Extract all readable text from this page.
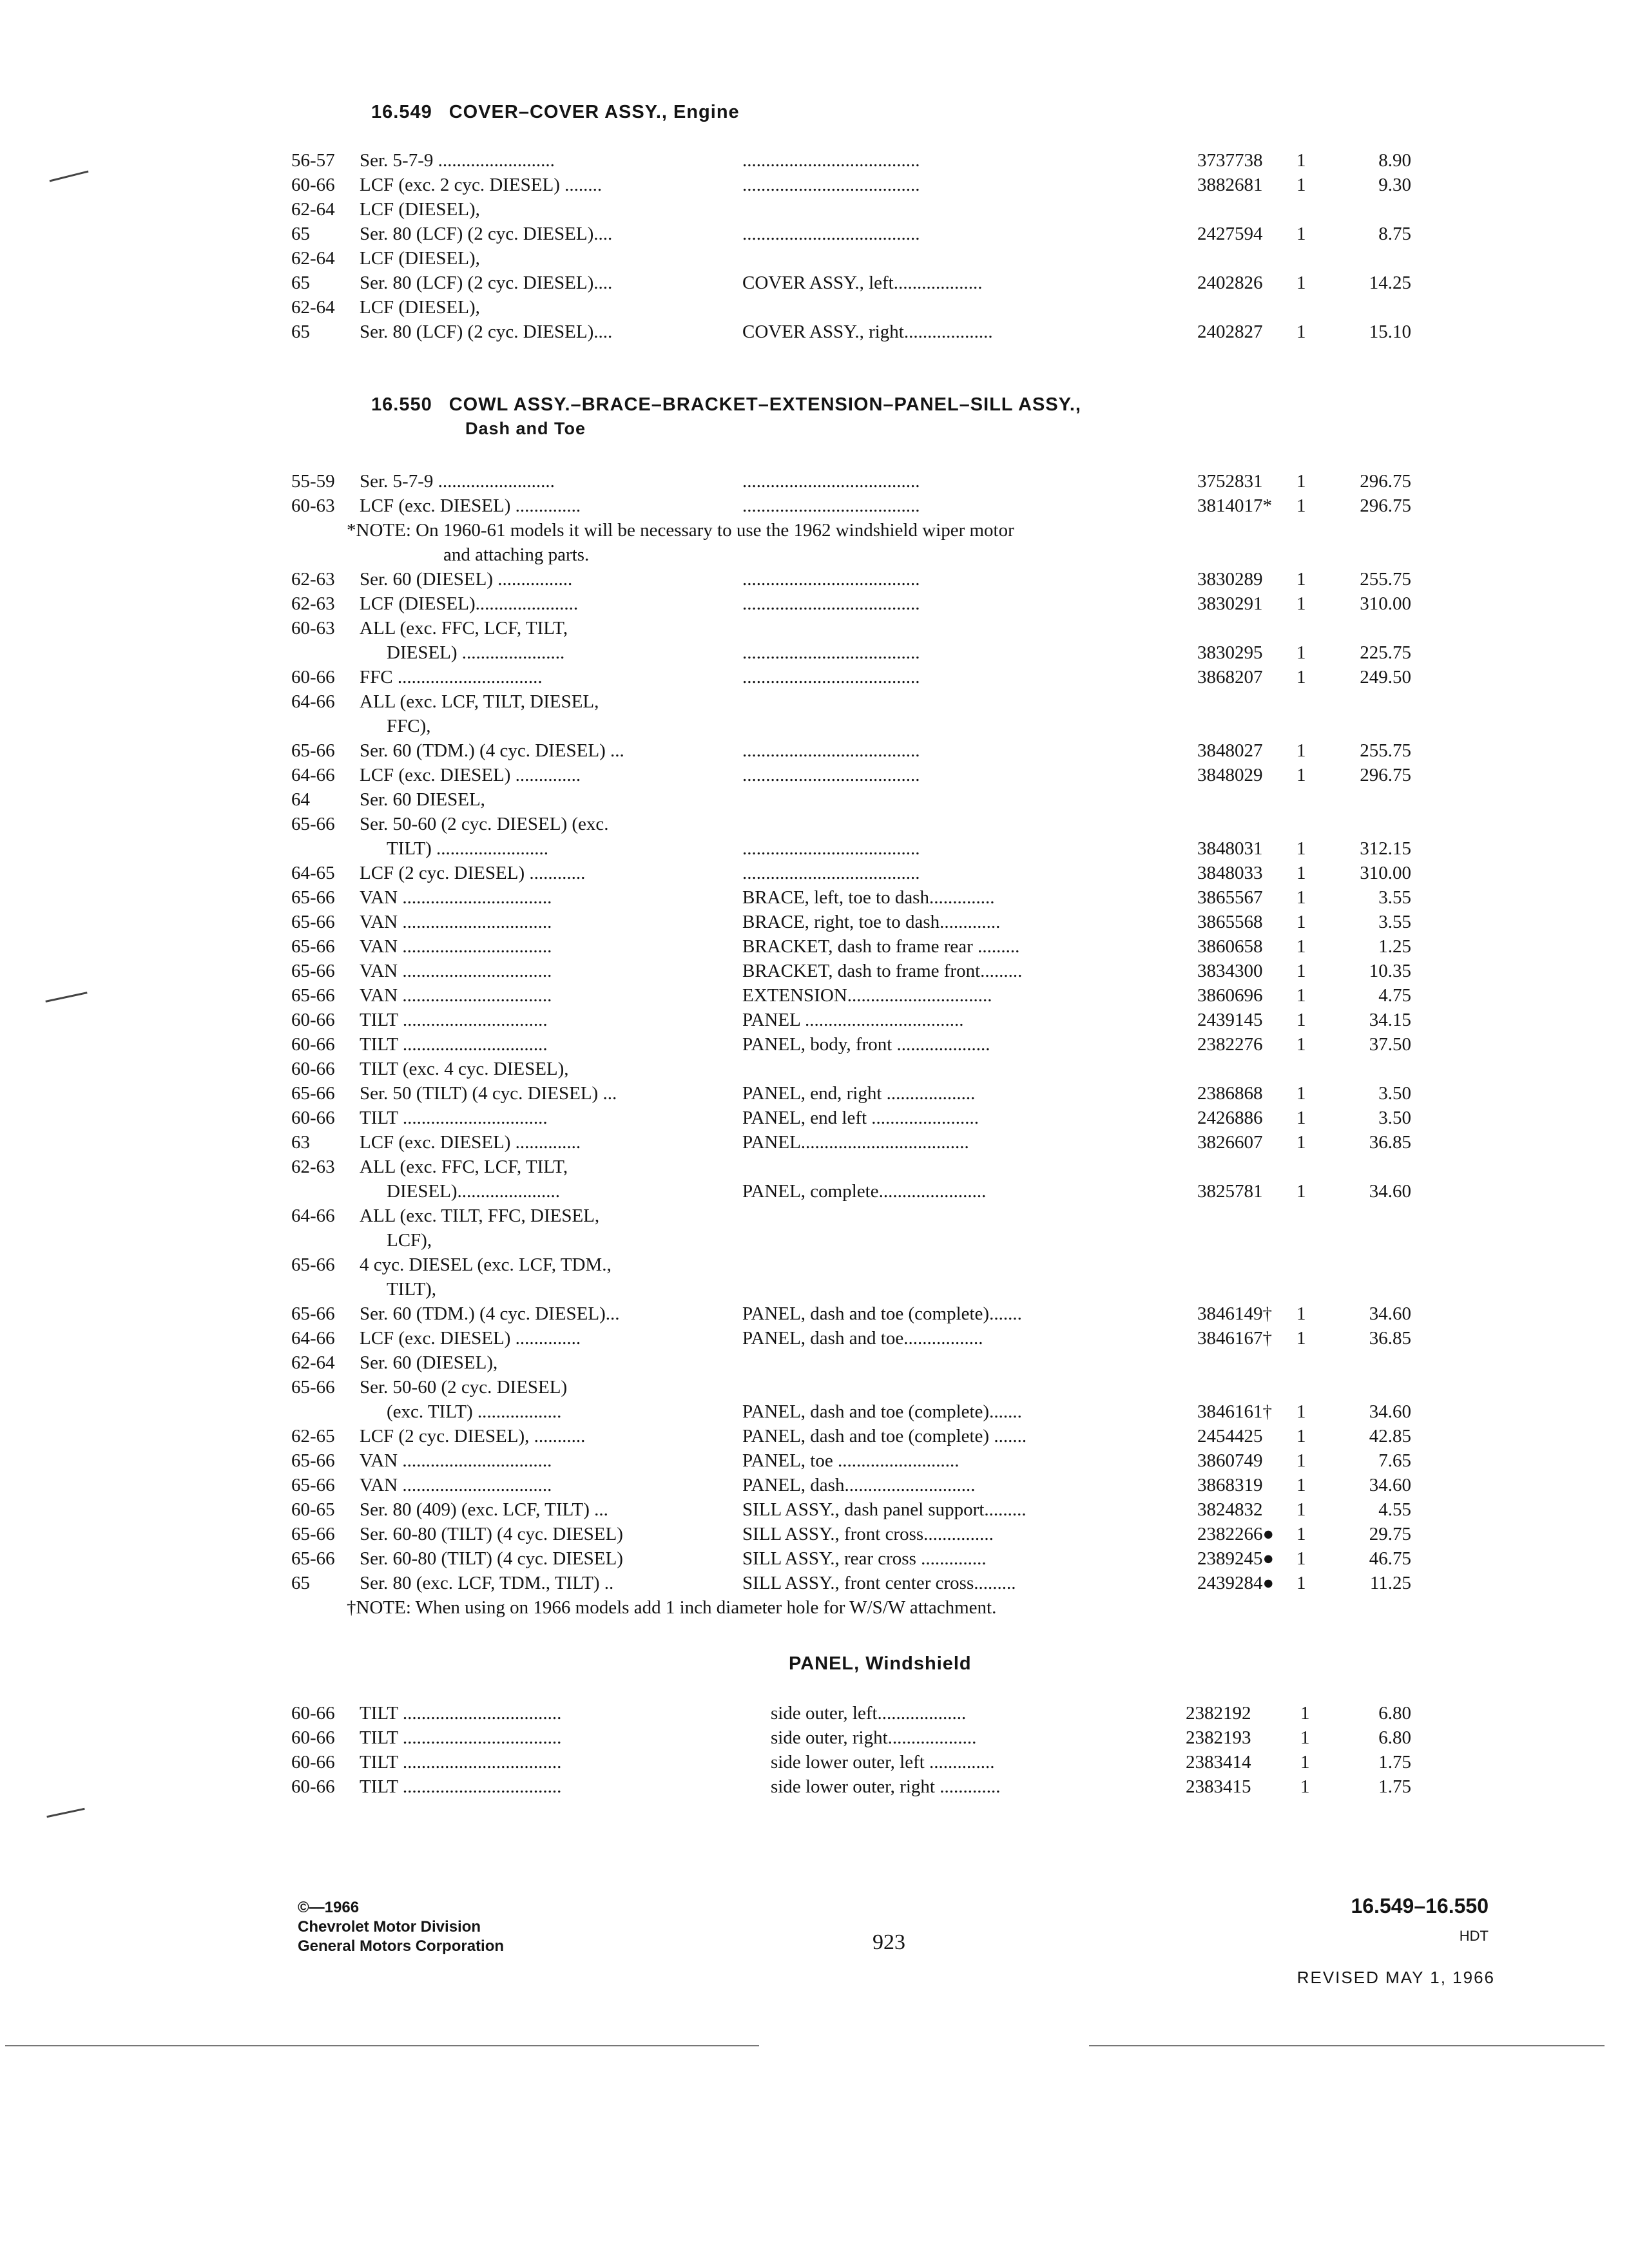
16.549 COVER–COVER ASSY., Engine
56-57 Ser. 5-7-9 .........................	......................................	3737738 1	8.90
60-66 LCF (exc. 2 cyc. DIESEL) ........	......................................	3882681 1	9.30
62-64 LCF (DIESEL),
65	Ser. 80 (LCF) (2 cyc. DIESEL)....	......................................	2427594 1	8.75
62-64 LCF (DIESEL),
65	Ser. 80 (LCF) (2 cyc. DIESEL)....	COVER ASSY., left...................	2402826 1	14.25
62-64 LCF (DIESEL),
65	Ser. 80 (LCF) (2 cyc. DIESEL)....	COVER ASSY., right...................	2402827 1	15.10
16.550 COWL ASSY.–BRACE–BRACKET–EXTENSION–PANEL–SILL ASSY.,
Dash and Toe
55-59 Ser. 5-7-9 .........................	......................................	3752831 1	296.75
60-63 LCF (exc. DIESEL) ..............	......................................	3814017* 1	296.75
*NOTE: On 1960-61 models it will be necessary to use the 1962 windshield wiper motor
and attaching parts.
62-63 Ser. 60 (DIESEL) ................	......................................	3830289 1	255.75
62-63 LCF (DIESEL)......................	......................................	3830291 1	310.00
60-63 ALL (exc. FFC, LCF, TILT,
DIESEL) ......................	......................................	3830295 1	225.75
60-66 FFC ...............................	......................................	3868207 1	249.50
64-66 ALL (exc. LCF, TILT, DIESEL,
FFC),
65-66 Ser. 60 (TDM.) (4 cyc. DIESEL) ...	......................................	3848027 1	255.75
64-66 LCF (exc. DIESEL) ..............	......................................	3848029 1	296.75
64	Ser. 60 DIESEL,
65-66 Ser. 50-60 (2 cyc. DIESEL) (exc.
TILT) ........................	......................................	3848031 1	312.15
64-65 LCF (2 cyc. DIESEL) ............	......................................	3848033 1	310.00
65-66 VAN ................................	BRACE, left, toe to dash..............	3865567 1	3.55
65-66 VAN ................................	BRACE, right, toe to dash.............	3865568 1	3.55
65-66 VAN ................................	BRACKET, dash to frame rear .........	3860658 1	1.25
65-66 VAN ................................	BRACKET, dash to frame front.........	3834300 1	10.35
65-66 VAN ................................	EXTENSION...............................	3860696 1	4.75
60-66 TILT ...............................	PANEL ..................................	2439145 1	34.15
60-66 TILT ...............................	PANEL, body, front ....................	2382276 1	37.50
60-66 TILT (exc. 4 cyc. DIESEL),
65-66 Ser. 50 (TILT) (4 cyc. DIESEL) ...	PANEL, end, right ...................	2386868 1	3.50
60-66 TILT ...............................	PANEL, end left .......................	2426886 1	3.50
63	LCF (exc. DIESEL) ..............	PANEL....................................	3826607 1	36.85
62-63 ALL (exc. FFC, LCF, TILT,
DIESEL)......................	PANEL, complete.......................	3825781 1	34.60
64-66 ALL (exc. TILT, FFC, DIESEL,
LCF),
65-66 4 cyc. DIESEL (exc. LCF, TDM.,
TILT),
65-66 Ser. 60 (TDM.) (4 cyc. DIESEL)...	PANEL, dash and toe (complete).......	3846149† 1	34.60
64-66 LCF (exc. DIESEL) ..............	PANEL, dash and toe.................	3846167† 1	36.85
62-64 Ser. 60 (DIESEL),
65-66 Ser. 50-60 (2 cyc. DIESEL)
(exc. TILT) ..................	PANEL, dash and toe (complete).......	3846161† 1	34.60
62-65 LCF (2 cyc. DIESEL), ...........	PANEL, dash and toe (complete) .......	2454425 1	42.85
65-66 VAN ................................	PANEL, toe ..........................	3860749 1	7.65
65-66 VAN ................................	PANEL, dash............................	3868319 1	34.60
60-65 Ser. 80 (409) (exc. LCF, TILT) ...	SILL ASSY., dash panel support.........	3824832 1	4.55
65-66 Ser. 60-80 (TILT) (4 cyc. DIESEL)	SILL ASSY., front cross...............	2382266● 1	29.75
65-66 Ser. 60-80 (TILT) (4 cyc. DIESEL)	SILL ASSY., rear cross ..............	2389245● 1	46.75
65	Ser. 80 (exc. LCF, TDM., TILT) ..	SILL ASSY., front center cross.........	2439284● 1	11.25
†NOTE: When using on 1966 models add 1 inch diameter hole for W/S/W attachment.
PANEL, Windshield
60-66 TILT ..................................	side outer, left...................	2382192	1	6.80
60-66 TILT ..................................	side outer, right...................	2382193	1	6.80
60-66 TILT ..................................	side lower outer, left ..............	2383414	1	1.75
60-66 TILT ..................................	side lower outer, right .............	2383415	1	1.75
©—1966
Chevrolet Motor Division
General Motors Corporation	923
16.549–16.550
HDT
REVISED MAY 1, 1966
